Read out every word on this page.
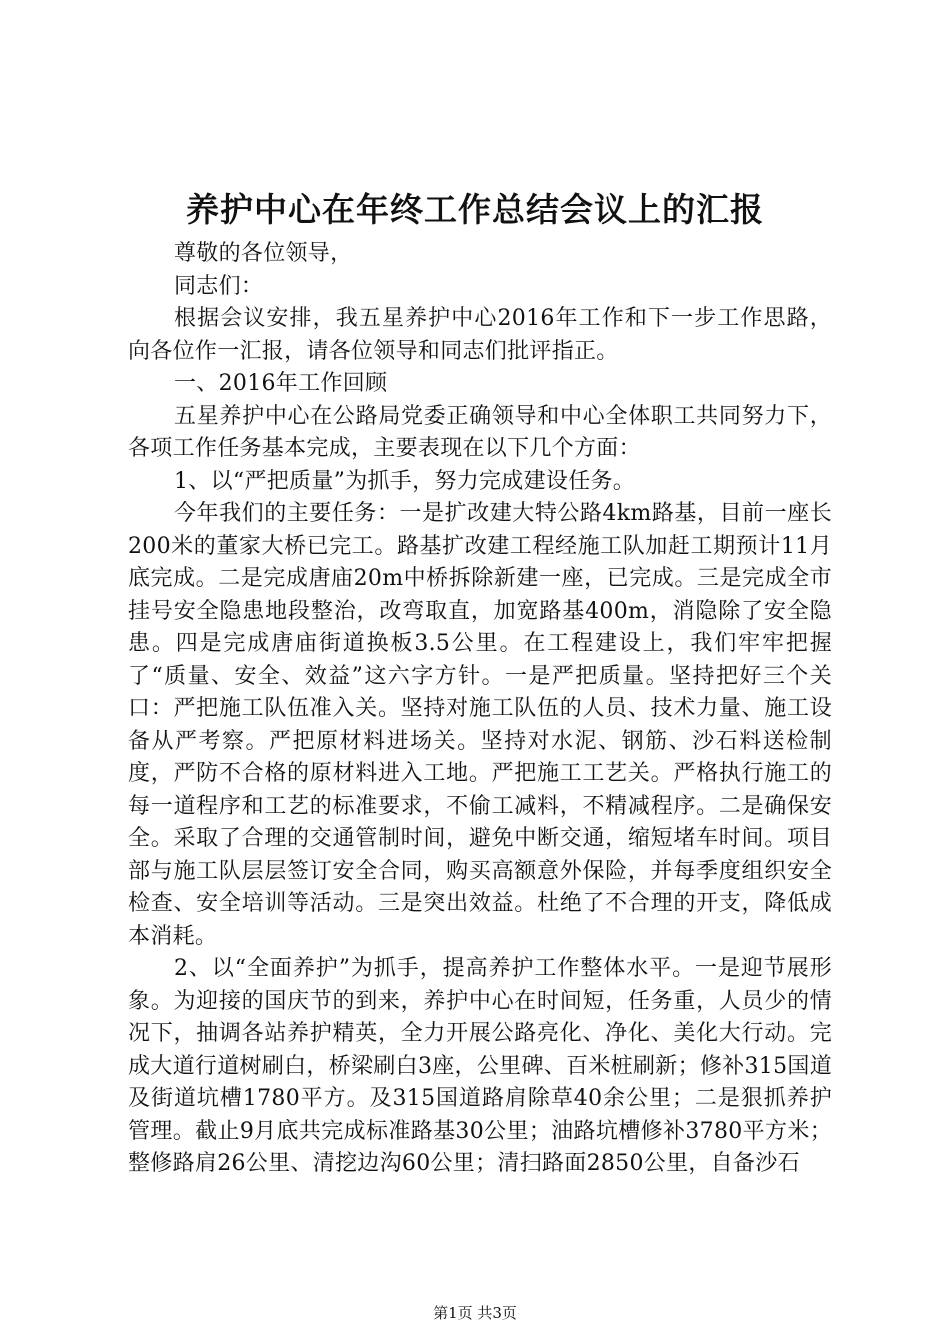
养护中心在年终工作总结会议上的汇报

尊敬的各位领导，

同志们：

根据会议安排，我五星养护中心2016年工作和下一步工作思路，向各位作一汇报，请各位领导和同志们批评指正。

一、2016年工作回顾

五星养护中心在公路局党委正确领导和中心全体职工共同努力下，各项工作任务基本完成，主要表现在以下几个方面：

1、以“严把质量”为抓手，努力完成建设任务。

今年我们的主要任务：一是扩改建大特公路4km路基，目前一座长200米的董家大桥已完工。路基扩改建工程经施工队加赶工期预计11月底完成。二是完成唐庙20m中桥拆除新建一座，已完成。三是完成全市挂号安全隐患地段整治，改弯取直，加宽路基400m，消隐除了安全隐患。四是完成唐庙街道换板3.5公里。在工程建设上，我们牢牢把握了“质量、安全、效益”这六字方针。一是严把质量。坚持把好三个关口：严把施工队伍准入关。坚持对施工队伍的人员、技术力量、施工设备从严考察。严把原材料进场关。坚持对水泥、钢筋、沙石料送检制度，严防不合格的原材料进入工地。严把施工工艺关。严格执行施工的每一道程序和工艺的标准要求，不偷工减料，不精减程序。二是确保安全。采取了合理的交通管制时间，避免中断交通，缩短堵车时间。项目部与施工队层层签订安全合同，购买高额意外保险，并每季度组织安全检查、安全培训等活动。三是突出效益。杜绝了不合理的开支，降低成本消耗。

2、以“全面养护”为抓手，提高养护工作整体水平。一是迎节展形象。为迎接的国庆节的到来，养护中心在时间短，任务重，人员少的情况下，抽调各站养护精英，全力开展公路亮化、净化、美化大行动。完成大道行道树刷白，桥梁刷白3座，公里碑、百米桩刷新；修补315国道及街道坑槽1780平方。及315国道路肩除草40余公里；二是狠抓养护管理。截止9月底共完成标准路基30公里；油路坑槽修补3780平方米；整修路肩26公里、清挖边沟60公里；清扫路面2850公里，自备沙石

第1页 共3页
